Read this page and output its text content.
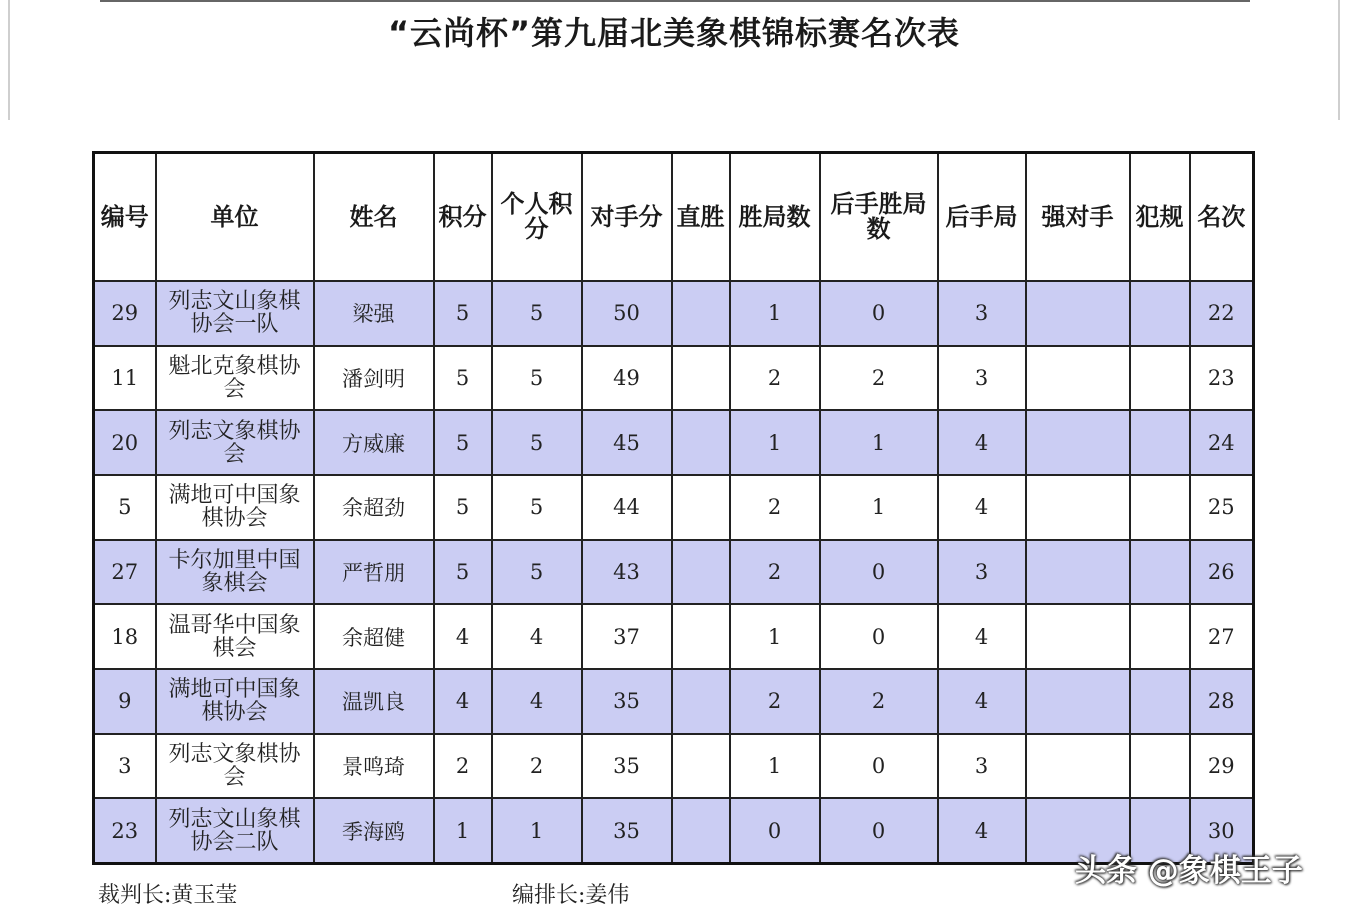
“云尚杯”第九届北美象棋锦标赛名次表
编号	单位	姓名	积分	个人积分	对手分	直胜	胜局数	后手胜局数	后手局	强对手	犯规	名次
29	列志文山象棋协会一队	梁强	5	5	50		1	0	3			22
11	魁北克象棋协会	潘剑明	5	5	49		2	2	3			23
20	列志文象棋协会	方威廉	5	5	45		1	1	4			24
5	满地可中国象棋协会	余超劲	5	5	44		2	1	4			25
27	卡尔加里中国象棋会	严哲朋	5	5	43		2	0	3			26
18	温哥华中国象棋会	余超健	4	4	37		1	0	4			27
9	满地可中国象棋协会	温凯良	4	4	35		2	2	4			28
3	列志文象棋协会	景鸣琦	2	2	35		1	0	3			29
23	列志文山象棋协会二队	季海鸥	1	1	35		0	0	4			30
裁判长:黄玉莹	编排长:姜伟
头条 @象棋王子
